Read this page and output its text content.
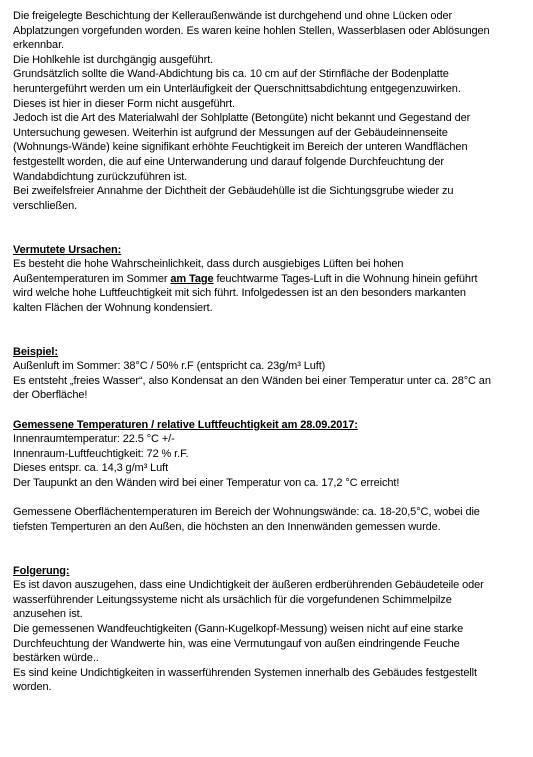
Die freigelegte Beschichtung der Kelleraußenwände ist durchgehend und ohne Lücken oder
Abplatzungen vorgefunden worden. Es waren keine hohlen Stellen, Wasserblasen oder Ablösungen
erkennbar.
Die Hohlkehle ist durchgängig ausgeführt.
Grundsätzlich sollte die Wand-Abdichtung bis ca. 10 cm auf der Stirnfläche der Bodenplatte
heruntergeführt werden um ein Unterläufigkeit der Querschnittsabdichtung entgegenzuwirken.
Dieses ist hier in dieser Form nicht ausgeführt.
Jedoch ist die Art des Materialwahl der Sohlplatte (Betongüte) nicht bekannt und Gegestand der
Untersuchung gewesen. Weiterhin ist aufgrund der Messungen auf der Gebäudeinnenseite
(Wohnungs-Wände) keine signifikant erhöhte Feuchtigkeit im Bereich der unteren Wandflächen
festgestellt worden, die auf eine Unterwanderung und darauf folgende Durchfeuchtung der
Wandabdichtung zurückzuführen ist.
Bei zweifelsfreier Annahme der Dichtheit der Gebäudehülle ist die Sichtungsgrube wieder zu
verschließen.
Vermutete Ursachen:
Es besteht die hohe Wahrscheinlichkeit, dass durch ausgiebiges Lüften bei hohen
Außentemperaturen im Sommer am Tage feuchtwarme Tages-Luft in die Wohnung hinein geführt
wird welche hohe Luftfeuchtigkeit mit sich führt. Infolgedessen ist an den besonders markanten
kalten Flächen der Wohnung kondensiert.
Beispiel:
Außenluft im Sommer: 38°C / 50% r.F (entspricht ca. 23g/m³ Luft)
Es entsteht „freies Wasser“, also Kondensat an den Wänden bei einer Temperatur unter ca. 28°C an
der Oberfläche!
Gemessene Temperaturen / relative Luftfeuchtigkeit am 28.09.2017:
Innenraumtemperatur: 22.5 °C +/-
Innenraum-Luftfeuchtigkeit: 72 % r.F.
Dieses entspr. ca. 14,3 g/m³ Luft
Der Taupunkt an den Wänden wird bei einer Temperatur von ca. 17,2 °C erreicht!
Gemessene Oberflächentemperaturen im Bereich der Wohnungswände: ca. 18-20,5°C, wobei die
tiefsten Temperturen an den Außen, die höchsten an den Innenwänden gemessen wurde.
Folgerung:
Es ist davon auszugehen, dass eine Undichtigkeit der äußeren erdberührenden Gebäudeteile oder
wasserführender Leitungssysteme nicht als ursächlich für die vorgefundenen Schimmelpilze
anzusehen ist.
Die gemessenen Wandfeuchtigkeiten (Gann-Kugelkopf-Messung) weisen nicht auf eine starke
Durchfeuchtung der Wandwerte hin, was eine Vermutungauf von außen eindringende Feuche
bestärken würde..
Es sind keine Undichtigkeiten in wasserführenden Systemen innerhalb des Gebäudes festgestellt
worden.
